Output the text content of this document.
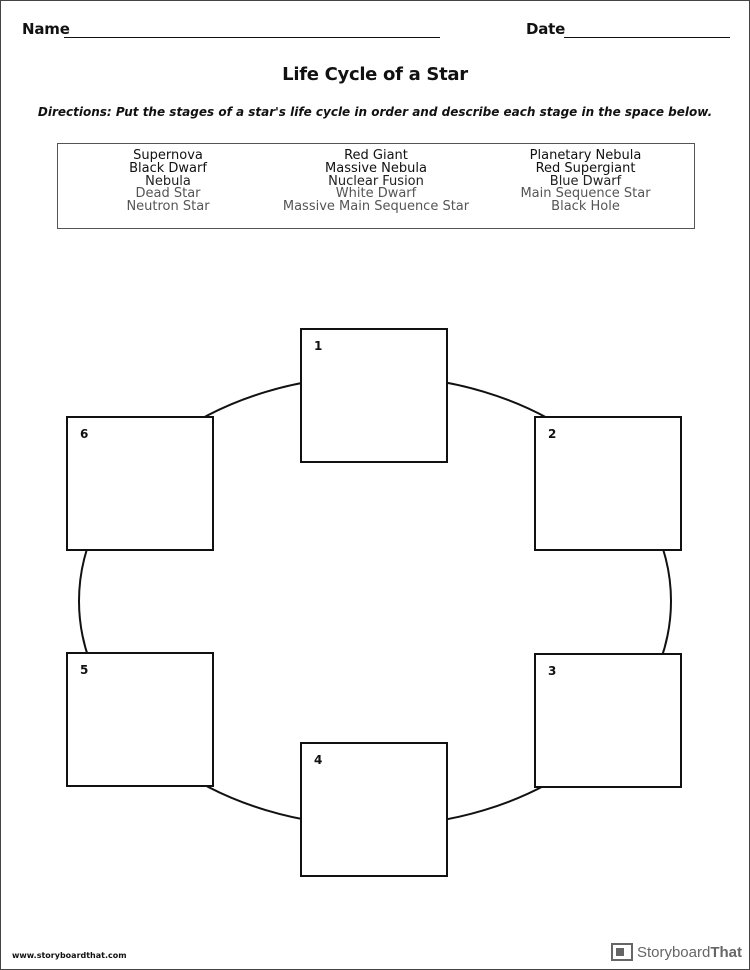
Name	Date
Life Cycle of a Star
Directions: Put the stages of a star's life cycle in order and describe each stage in the space below.
Supernova
Black Dwarf
Nebula
Dead Star
Neutron Star
Red Giant
Massive Nebula
Nuclear Fusion
White Dwarf
Massive Main Sequence Star
Planetary Nebula
Red Supergiant
Blue Dwarf
Main Sequence Star
Black Hole
1
2
3
4
5
6
www.storyboardthat.com	Storyboard That
